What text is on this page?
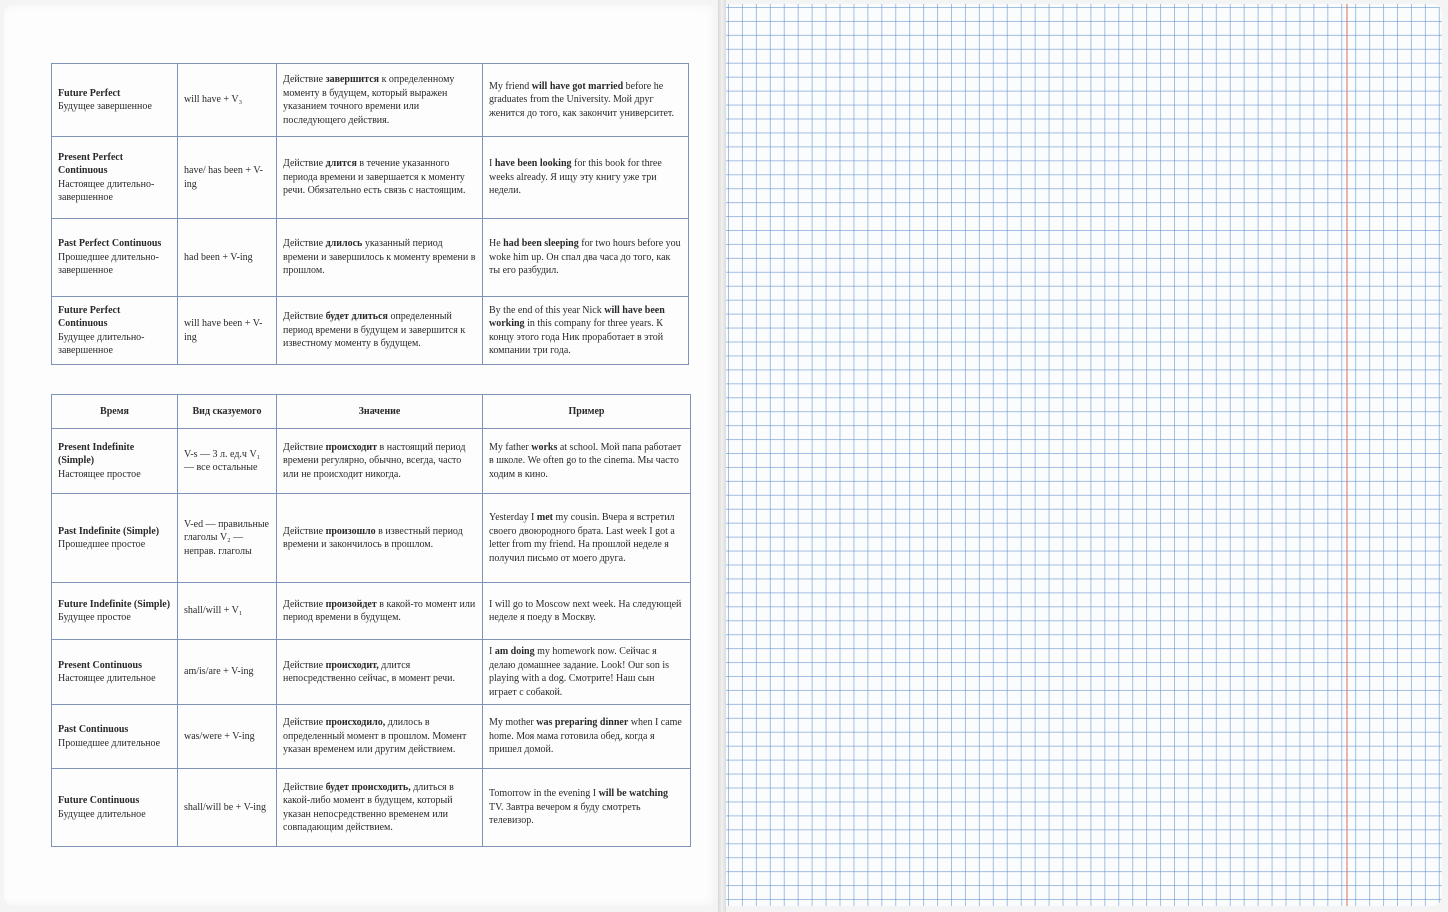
Future Perfect
Будущее завершенное	will have + V₃	Действие завершится к определенному моменту в будущем, который выражен указанием точного времени или последующего действия.	My friend will have got married before he graduates from the University. Мой друг женится до того, как закончит университет.

Present Perfect Continuous
Настоящее длительно-завершенное	have/ has been + V-ing	Действие длится в течение указанного периода времени и завершается к моменту речи. Обязательно есть связь с настоящим.	I have been looking for this book for three weeks already. Я ищу эту книгу уже три недели.

Past Perfect Continuous
Прошедшее длительно-завершенное	had been + V-ing	Действие длилось указанный период времени и завершилось к моменту времени в прошлом.	He had been sleeping for two hours before you woke him up. Он спал два часа до того, как ты его разбудил.

Future Perfect Continuous
Будущее длительно-завершенное	will have been + V-ing	Действие будет длиться определенный период времени в будущем и завершится к известному моменту в будущем.	By the end of this year Nick will have been working in this company for three years. К концу этого года Ник проработает в этой компании три года.
Время	Вид сказуемого	Значение	Пример

Present Indefinite (Simple)
Настоящее простое	V-s — 3 л. ед.ч V₁ — все остальные	Действие происходит в настоящий период времени регулярно, обычно, всегда, часто или не происходит никогда.	My father works at school. Мой папа работает в школе. We often go to the cinema. Мы часто ходим в кино.

Past Indefinite (Simple)
Прошедшее простое	V-ed — правильные глаголы V₂ — неправ. глаголы	Действие произошло в известный период времени и закончилось в прошлом.	Yesterday I met my cousin. Вчера я встретил своего двоюродного брата. Last week I got a letter from my friend. На прошлой неделе я получил письмо от моего друга.

Future Indefinite (Simple)
Будущее простое	shall/will + V₁	Действие произойдет в какой-то момент или период времени в будущем.	I will go to Moscow next week. На следующей неделе я поеду в Москву.

Present Continuous
Настоящее длительное	am/is/are + V-ing	Действие происходит, длится непосредственно сейчас, в момент речи.	I am doing my homework now. Сейчас я делаю домашнее задание. Look! Our son is playing with a dog. Смотрите! Наш сын играет с собакой.

Past Continuous
Прошедшее длительное	was/were + V-ing	Действие происходило, длилось в определенный момент в прошлом. Момент указан временем или другим действием.	My mother was preparing dinner when I came home. Моя мама готовила обед, когда я пришел домой.

Future Continuous
Будущее длительное	shall/will be + V-ing	Действие будет происходить, длиться в какой-либо момент в будущем, который указан непосредственно временем или совпадающим действием.	Tomorrow in the evening I will be watching TV. Завтра вечером я буду смотреть телевизор.
